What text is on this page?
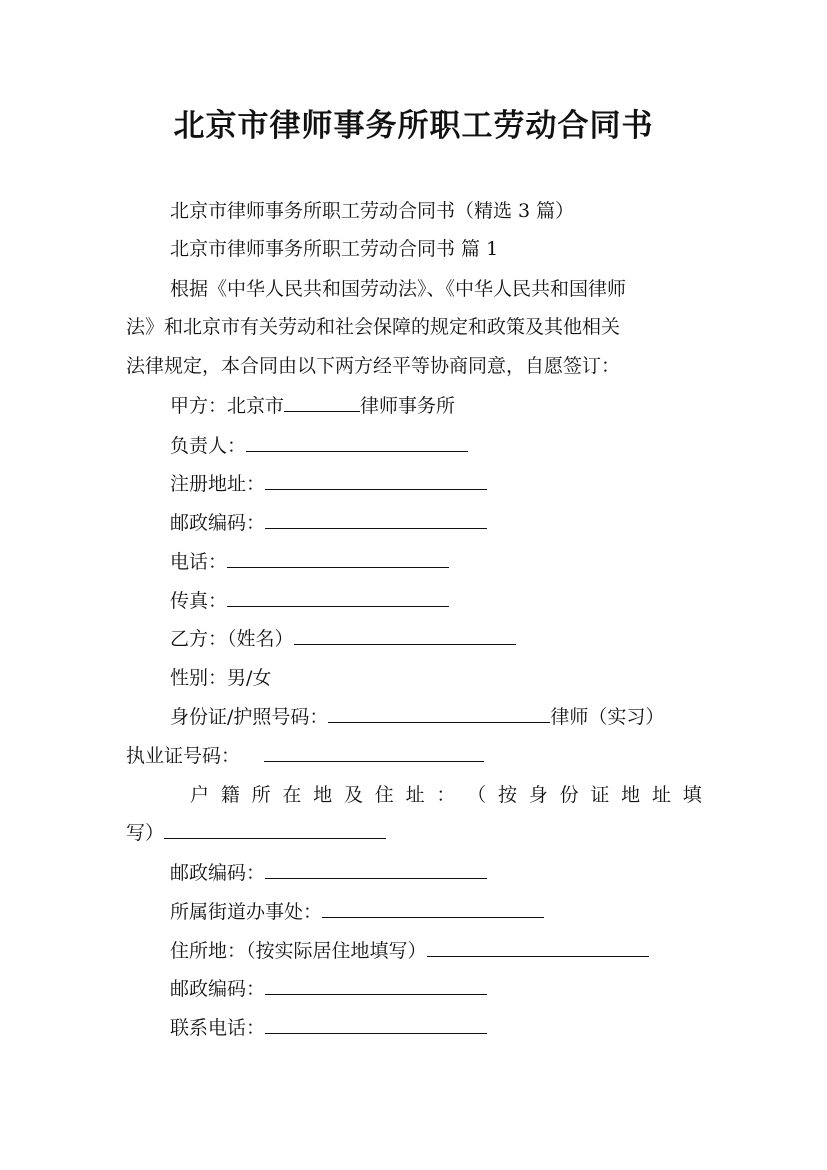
北京市律师事务所职工劳动合同书
北京市律师事务所职工劳动合同书（精选 3 篇）
北京市律师事务所职工劳动合同书 篇 1
根据《中华人民共和国劳动法》、《中华人民共和国律师
法》和北京市有关劳动和社会保障的规定和政策及其他相关
法律规定，本合同由以下两方经平等协商同意，自愿签订：
甲方：北京市	律师事务所
负责人：
注册地址：
邮政编码：
电话：
传真：
乙方：（姓名）
性别：男/女
身份证/护照号码：	律师（实习）
执业证号码：
户 籍 所 在 地 及 住 址 ： （ 按 身 份 证 地 址 填
写）
邮政编码：
所属街道办事处：
住所地：（按实际居住地填写）
邮政编码：
联系电话：
